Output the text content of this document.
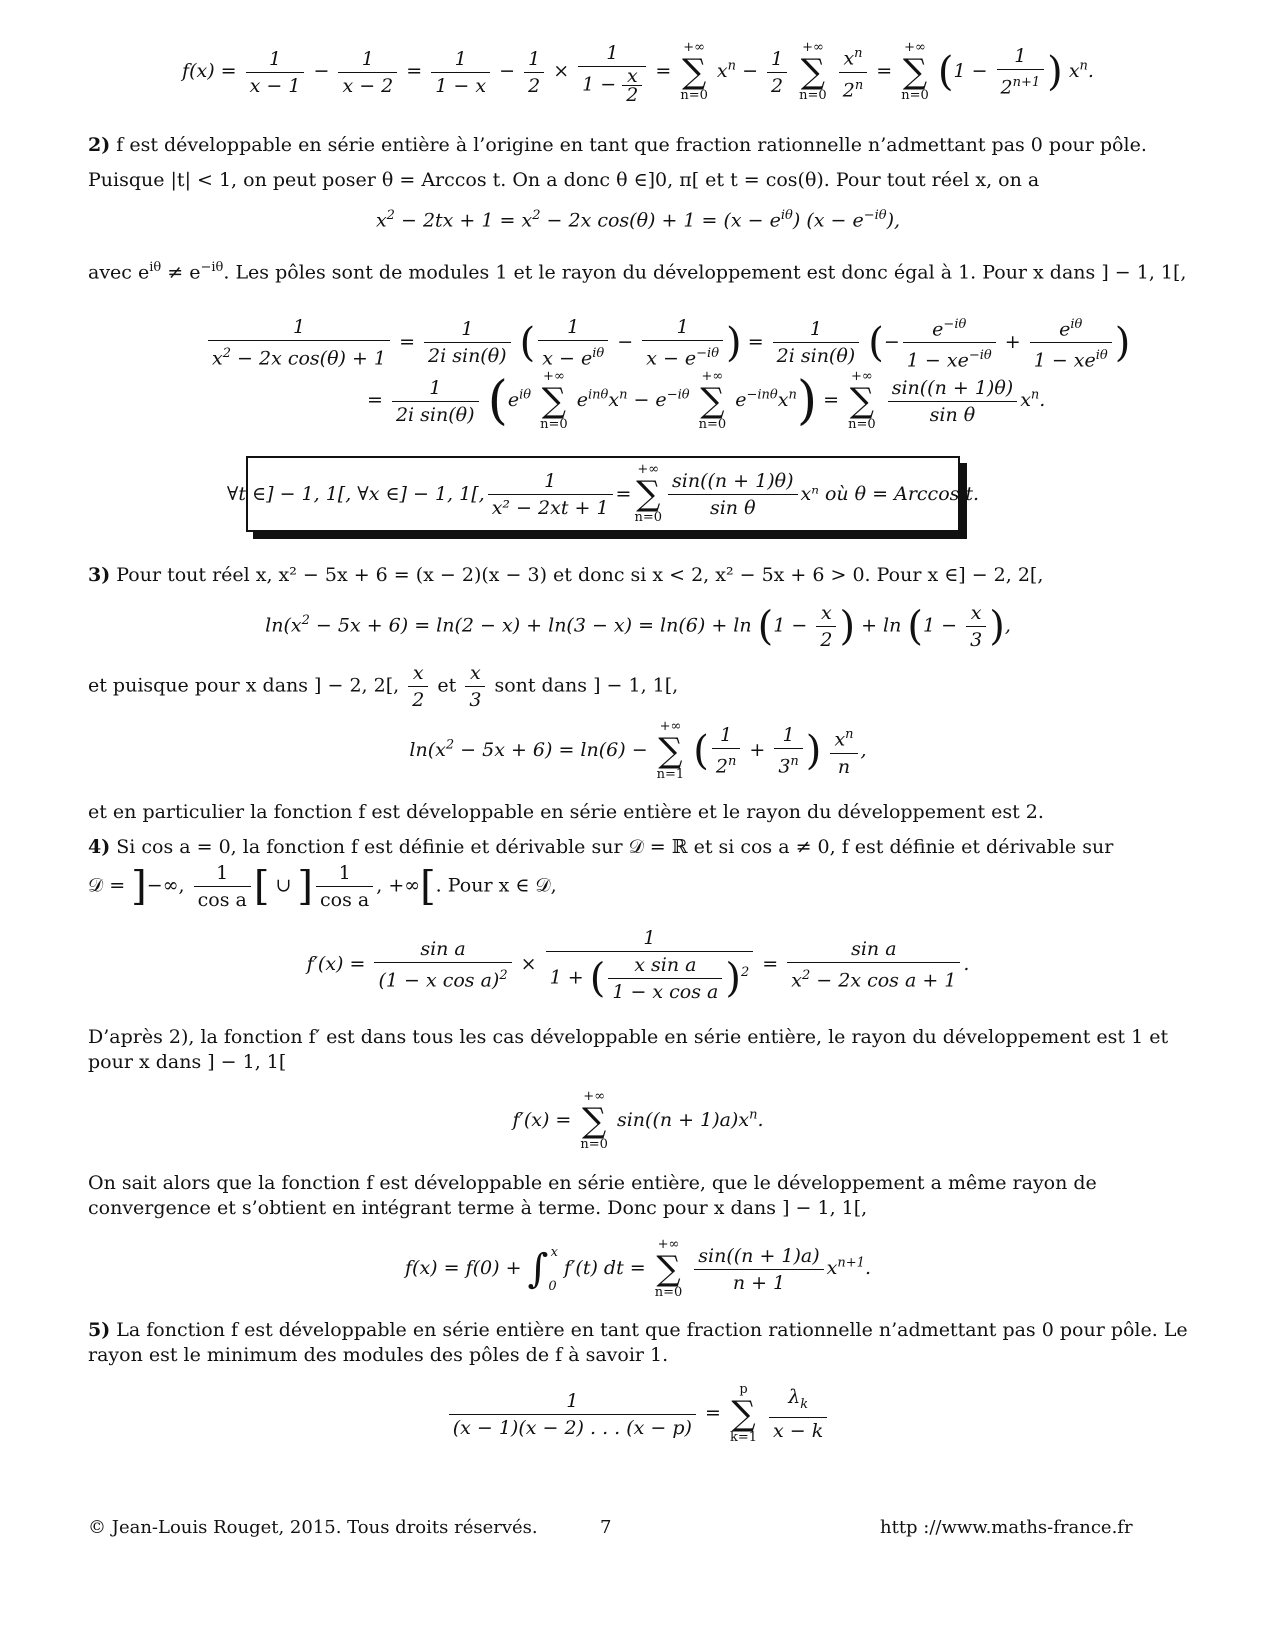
$f(x) = \frac{1}{x - 1} - \frac{1}{x - 2} = \frac{1}{1 - x} - \frac{1}{2} \times \frac{1}{1 - \frac{x}{2}}$ =
+∞
∑
n=0
$x^n - \frac{1}{2}$
+∞
∑
n=0
$\frac{x^n}{2^n}$ =
+∞
∑
n=0
($1 - \frac{1}{2^{n+1}}$ ) $x^n$.

2) f est développable en série entière à l’origine en tant que fraction rationnelle n’admettant pas 0 pour pôle.

Puisque |t| < 1, on peut poser θ = Arccos t. On a donc θ ∈]0, π[ et t = cos(θ). Pour tout réel x, on a

$x^2 - 2tx + 1 = x^2 - 2x$ $\cos(\theta) + 1 = (x - e^{i\theta})$ $(x - e^{-i\theta})$,

avec $e^{i\theta} \ne e^{-i\theta}$. Les pôles sont de modules 1 et le rayon du développement est donc égal à 1. Pour x dans ] − 1, 1[,

$\frac{1}{x^2 - 2x \cos(\theta) + 1} = \frac{1}{\text{2i sin(θ)}}$ ( $\frac{1}{x - e^{i\theta}} - \frac{1}{x - e^{-i\theta}}$ ) = $\frac{1}{\text{2i sin(θ)}}$ (− $\frac{e^{-i\theta}}{1 - xe^{-i\theta}} + \frac{e^{i\theta}}{1 - xe^{i\theta}}$ )
= $\frac{1}{\text{2i sin(θ)}} (e^{i\theta}$
+∞
∑
n=0
$e^{in\theta}x^n - e^{-i\theta}$
+∞
∑
n=0
$e^{-in\theta}x^n$) =
+∞
∑
n=0
$\frac{\sin((n + 1)\theta)}{\text{sin θ}} x^n$.
∀t ∈] − 1, 1[, ∀x ∈] − 1, 1[, $\frac{1}{\text{x² − 2xt + 1}}$ =
+∞
∑
$n=0 \frac{\sin((n + 1)\theta)}{\text{sin θ}}$ xⁿ où θ = Arccos t.

3) Pour tout réel x, x² − 5x + 6 = (x − 2)(x − 3) et donc si x < 2, x² − 5x + 6 > 0. Pour x ∈] − 2, 2[,

$\ln(x^2 - 5x + 6) = \ln(2 - x) + \ln(3 - x) = \ln(6) + \ln (1 - \frac{x}{2}$ ) + $\ln (1 - \frac{x}{3}$ ),

et puisque pour x dans ] − 2, 2[, $\frac{x}{2}$ et $\frac{x}{3}$ sont dans ] − 1, 1[,

$\ln(x^2 - 5x + 6) = \ln(6)$ −
+∞
∑
n=1
( $\frac{1}{2^n} + \frac{1}{3^n}$ ) $\frac{x^n}{n}$ ,

et en particulier la fonction f est développable en série entière et le rayon du développement est 2.

4) Si cos a = 0, la fonction f est définie et dérivable sur 𝒟 = ℝ et si cos a ≠ 0, f est définie et dérivable sur

𝒟 = ]−∞, $\frac{1}{\text{cos a}}$ [ ∪ ] $\frac{1}{\text{cos a}}$ , +∞[. Pour x ∈ 𝒟,

$f'(x) = \frac{\text{sin a}}{(1 - x \cos a)^2} \times \frac{1}{1 + ( \frac{\text{x sin a}}{\text{1 − x cos a}} )^2} = \frac{\text{sin a}}{x^2 - 2x \cos a + 1}$ .

D’après 2), la fonction f′ est dans tous les cas développable en série entière, le rayon du développement est 1 et pour x dans ] − 1, 1[

f′(x) =
+∞
∑
n=0
$\sin((n + 1)a)x^n$.

On sait alors que la fonction f est développable en série entière, que le développement a même rayon de convergence et s’obtient en intégrant terme à terme. Donc pour x dans ] − 1, 1[,

$f(x) = f(0) + \int_0^x$ f′(t) dt =
+∞
∑
n=0
$\frac{\sin((n + 1)a)}{n + 1} x^{n+1}$.

5) La fonction f est développable en série entière en tant que fraction rationnelle n’admettant pas 0 pour pôle. Le rayon est le minimum des modules des pôles de f à savoir 1.

$\frac{1}{(x - 1)(x - 2) . . . (x - p)}$ =
p
∑
k=1
$\frac{\lambda_k}{x - k}$
© Jean-Louis Rouget, 2015. Tous droits réservés.	7	http ://www.maths-france.fr
